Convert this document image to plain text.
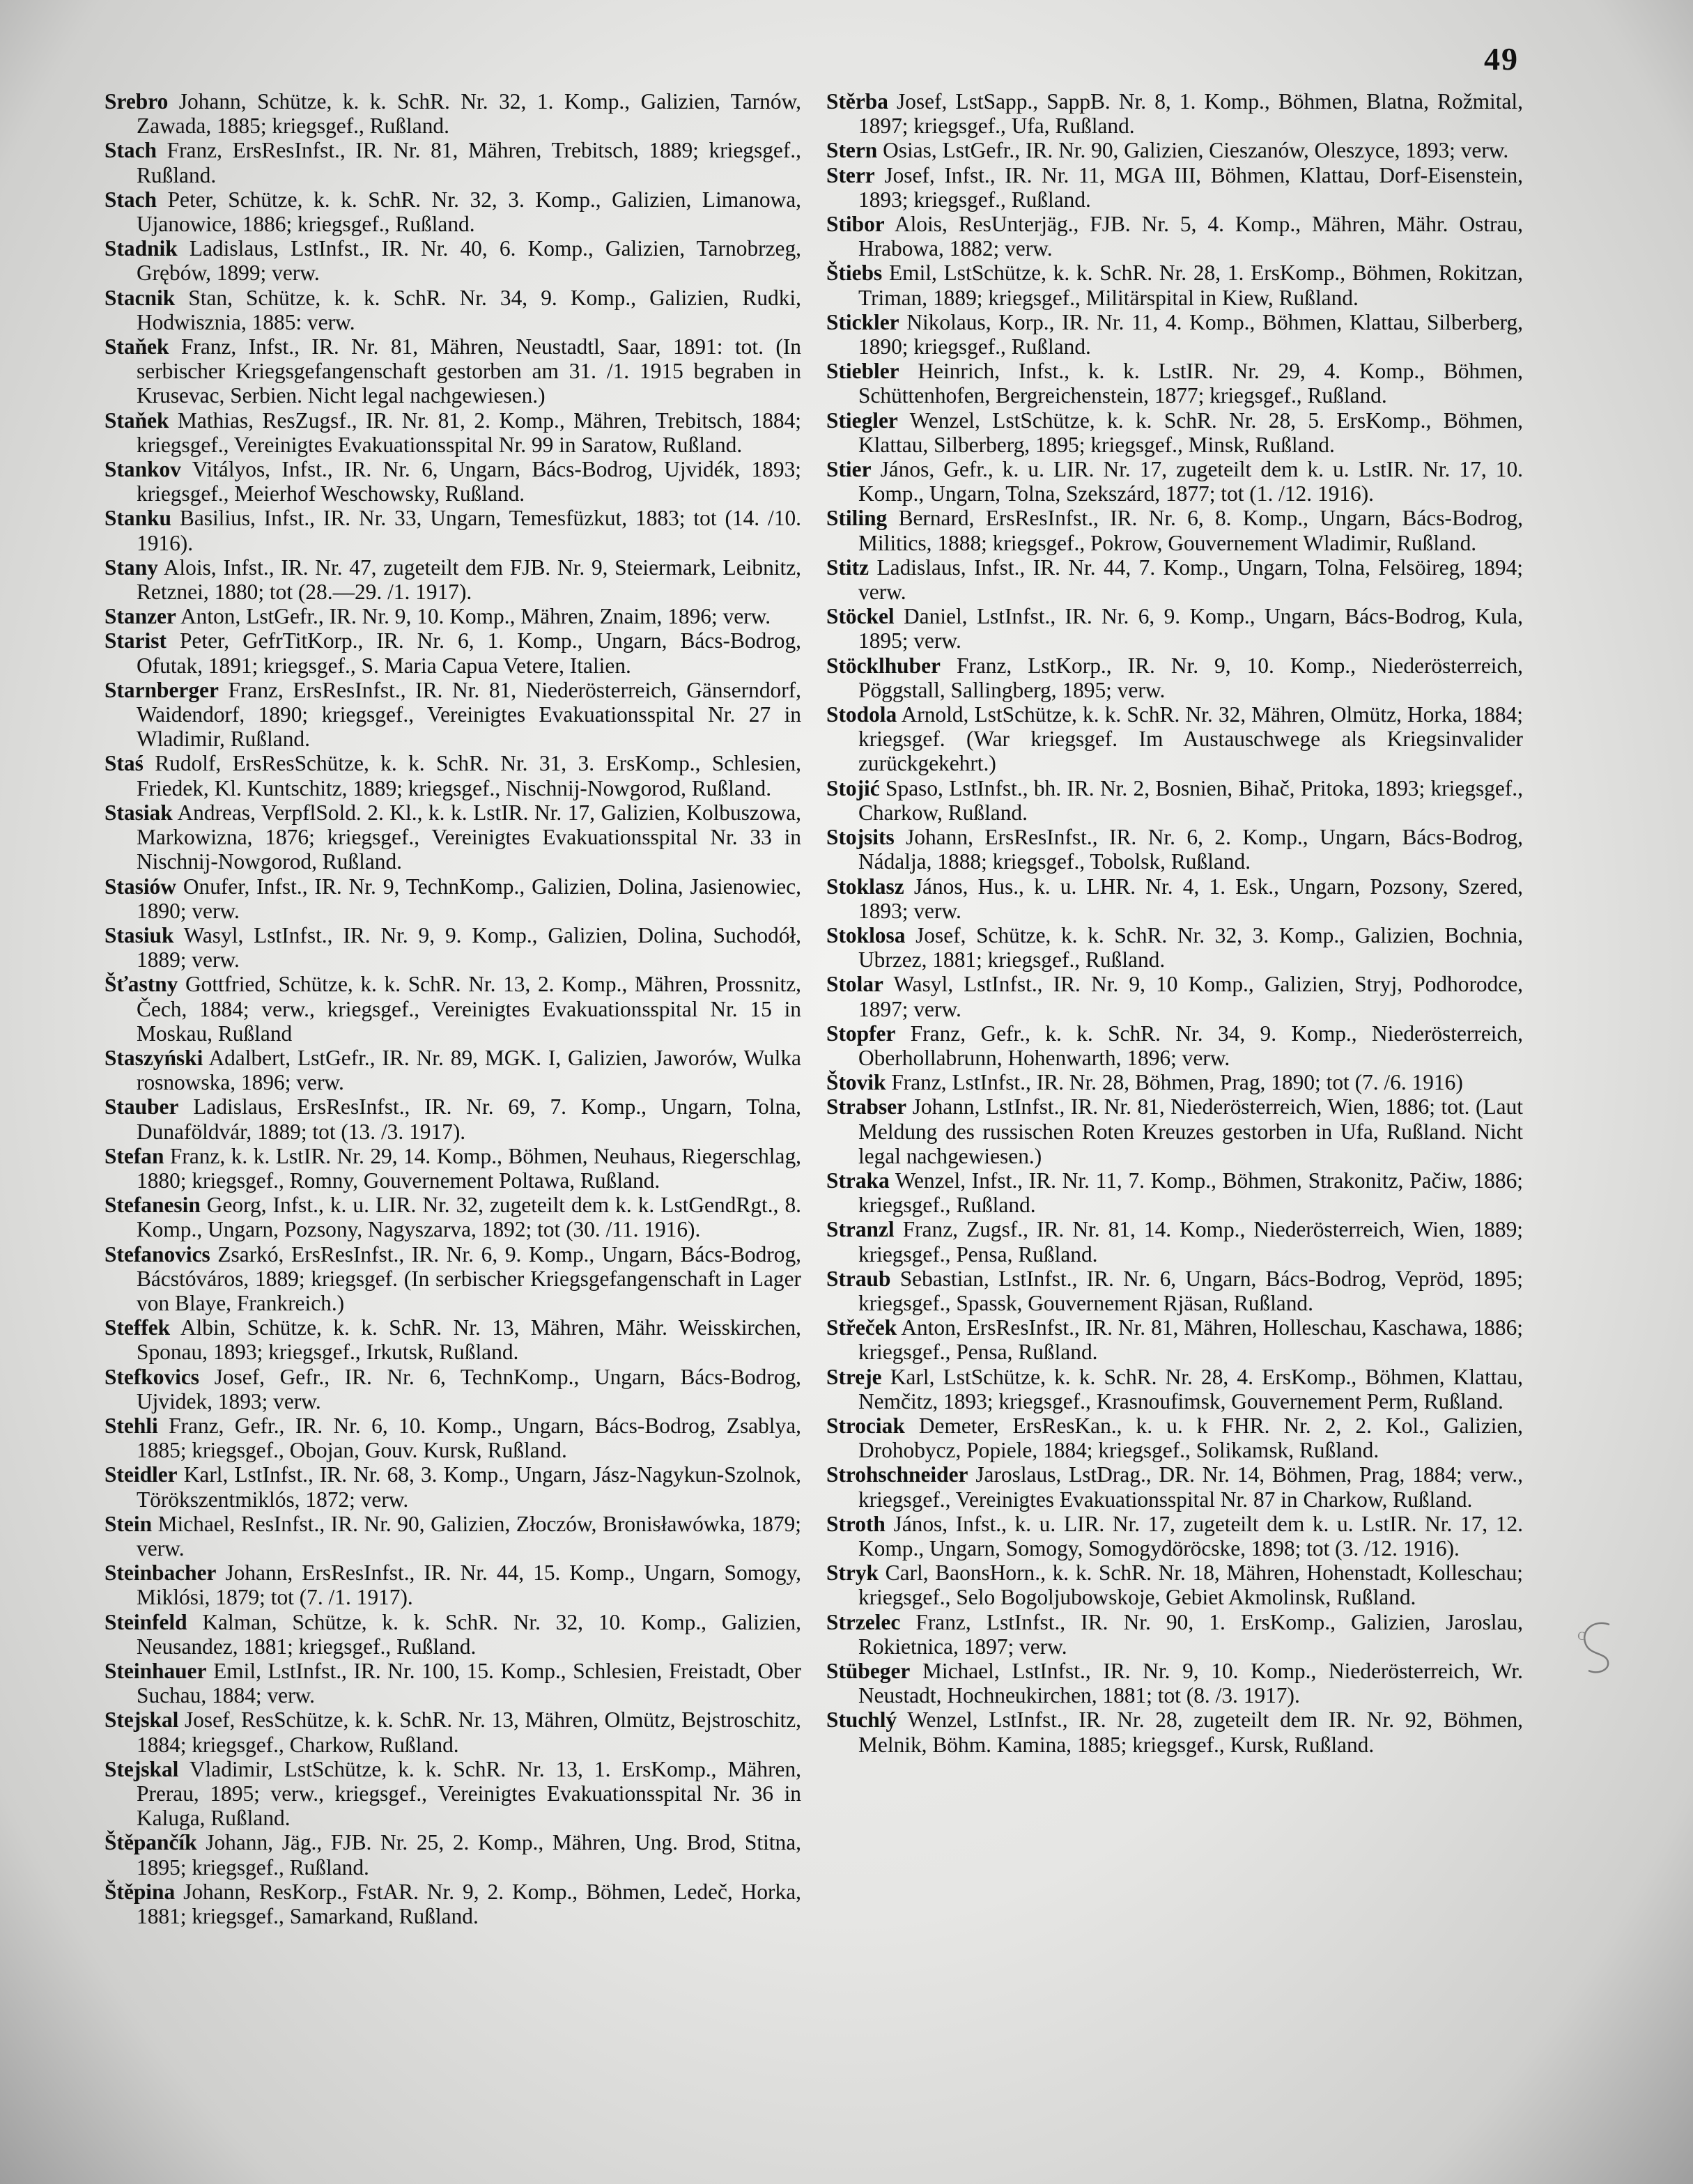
49

Srebro Johann, Schütze, k. k. SchR. Nr. 32, 1. Komp., Galizien, Tarnów, Zawada, 1885; kriegsgef., Rußland.

Stach Franz, ErsResInfst., IR. Nr. 81, Mähren, Trebitsch, 1889; kriegsgef., Rußland.

Stach Peter, Schütze, k. k. SchR. Nr. 32, 3. Komp., Galizien, Limanowa, Ujanowice, 1886; kriegsgef., Rußland.

Stadnik Ladislaus, LstInfst., IR. Nr. 40, 6. Komp., Galizien, Tarnobrzeg, Grębów, 1899; verw.

Stacnik Stan, Schütze, k. k. SchR. Nr. 34, 9. Komp., Galizien, Rudki, Hodwisznia, 1885: verw.

Staňek Franz, Infst., IR. Nr. 81, Mähren, Neustadtl, Saar, 1891: tot. (In serbischer Kriegsgefangenschaft gestorben am 31. /1. 1915 begraben in Krusevac, Serbien. Nicht legal nachgewiesen.)

Staňek Mathias, ResZugsf., IR. Nr. 81, 2. Komp., Mähren, Trebitsch, 1884; kriegsgef., Vereinigtes Evakuationsspital Nr. 99 in Saratow, Rußland.

Stankov Vitályos, Infst., IR. Nr. 6, Ungarn, Bács-Bodrog, Ujvidék, 1893; kriegsgef., Meierhof Weschowsky, Rußland.

Stanku Basilius, Infst., IR. Nr. 33, Ungarn, Temesfüzkut, 1883; tot (14. /10. 1916).

Stany Alois, Infst., IR. Nr. 47, zugeteilt dem FJB. Nr. 9, Steiermark, Leibnitz, Retznei, 1880; tot (28.—29. /1. 1917).

Stanzer Anton, LstGefr., IR. Nr. 9, 10. Komp., Mähren, Znaim, 1896; verw.

Starist Peter, GefrTitKorp., IR. Nr. 6, 1. Komp., Ungarn, Bács-Bodrog, Ofutak, 1891; kriegsgef., S. Maria Capua Vetere, Italien.

Starnberger Franz, ErsResInfst., IR. Nr. 81, Niederösterreich, Gänserndorf, Waidendorf, 1890; kriegsgef., Vereinigtes Evakuationsspital Nr. 27 in Wladimir, Rußland.

Staś Rudolf, ErsResSchütze, k. k. SchR. Nr. 31, 3. ErsKomp., Schlesien, Friedek, Kl. Kuntschitz, 1889; kriegsgef., Nischnij-Nowgorod, Rußland.

Stasiak Andreas, VerpflSold. 2. Kl., k. k. LstIR. Nr. 17, Galizien, Kolbuszowa, Markowizna, 1876; kriegsgef., Vereinigtes Evakuationsspital Nr. 33 in Nischnij-Nowgorod, Rußland.

Stasiów Onufer, Infst., IR. Nr. 9, TechnKomp., Galizien, Dolina, Jasienowiec, 1890; verw.

Stasiuk Wasyl, LstInfst., IR. Nr. 9, 9. Komp., Galizien, Dolina, Suchodół, 1889; verw.

Šťastny Gottfried, Schütze, k. k. SchR. Nr. 13, 2. Komp., Mähren, Prossnitz, Čech, 1884; verw., kriegsgef., Vereinigtes Evakuationsspital Nr. 15 in Moskau, Rußland

Staszyński Adalbert, LstGefr., IR. Nr. 89, MGK. I, Galizien, Jaworów, Wulka rosnowska, 1896; verw.

Stauber Ladislaus, ErsResInfst., IR. Nr. 69, 7. Komp., Ungarn, Tolna, Dunaföldvár, 1889; tot (13. /3. 1917).

Stefan Franz, k. k. LstIR. Nr. 29, 14. Komp., Böhmen, Neuhaus, Riegerschlag, 1880; kriegsgef., Romny, Gouvernement Poltawa, Rußland.

Stefanesin Georg, Infst., k. u. LIR. Nr. 32, zugeteilt dem k. k. LstGendRgt., 8. Komp., Ungarn, Pozsony, Nagyszarva, 1892; tot (30. /11. 1916).

Stefanovics Zsarkó, ErsResInfst., IR. Nr. 6, 9. Komp., Ungarn, Bács-Bodrog, Bácstóváros, 1889; kriegsgef. (In serbischer Kriegsgefangenschaft in Lager von Blaye, Frankreich.)

Steffek Albin, Schütze, k. k. SchR. Nr. 13, Mähren, Mähr. Weisskirchen, Sponau, 1893; kriegsgef., Irkutsk, Rußland.

Stefkovics Josef, Gefr., IR. Nr. 6, TechnKomp., Ungarn, Bács-Bodrog, Ujvidek, 1893; verw.

Stehli Franz, Gefr., IR. Nr. 6, 10. Komp., Ungarn, Bács-Bodrog, Zsablya, 1885; kriegsgef., Obojan, Gouv. Kursk, Rußland.

Steidler Karl, LstInfst., IR. Nr. 68, 3. Komp., Ungarn, Jász-Nagykun-Szolnok, Törökszentmiklós, 1872; verw.

Stein Michael, ResInfst., IR. Nr. 90, Galizien, Złoczów, Bronisławówka, 1879; verw.

Steinbacher Johann, ErsResInfst., IR. Nr. 44, 15. Komp., Ungarn, Somogy, Miklósi, 1879; tot (7. /1. 1917).

Steinfeld Kalman, Schütze, k. k. SchR. Nr. 32, 10. Komp., Galizien, Neusandez, 1881; kriegsgef., Rußland.

Steinhauer Emil, LstInfst., IR. Nr. 100, 15. Komp., Schlesien, Freistadt, Ober Suchau, 1884; verw.

Stejskal Josef, ResSchütze, k. k. SchR. Nr. 13, Mähren, Olmütz, Bejstroschitz, 1884; kriegsgef., Charkow, Rußland.

Stejskal Vladimir, LstSchütze, k. k. SchR. Nr. 13, 1. ErsKomp., Mähren, Prerau, 1895; verw., kriegsgef., Vereinigtes Evakuationsspital Nr. 36 in Kaluga, Rußland.

Štěpančík Johann, Jäg., FJB. Nr. 25, 2. Komp., Mähren, Ung. Brod, Stitna, 1895; kriegsgef., Rußland.

Štěpina Johann, ResKorp., FstAR. Nr. 9, 2. Komp., Böhmen, Ledeč, Horka, 1881; kriegsgef., Samarkand, Rußland.

Stěrba Josef, LstSapp., SappB. Nr. 8, 1. Komp., Böhmen, Blatna, Rožmital, 1897; kriegsgef., Ufa, Rußland.

Stern Osias, LstGefr., IR. Nr. 90, Galizien, Cieszanów, Oleszyce, 1893; verw.

Sterr Josef, Infst., IR. Nr. 11, MGA III, Böhmen, Klattau, Dorf-Eisenstein, 1893; kriegsgef., Rußland.

Stibor Alois, ResUnterjäg., FJB. Nr. 5, 4. Komp., Mähren, Mähr. Ostrau, Hrabowa, 1882; verw.

Štiebs Emil, LstSchütze, k. k. SchR. Nr. 28, 1. ErsKomp., Böhmen, Rokitzan, Triman, 1889; kriegsgef., Militärspital in Kiew, Rußland.

Stickler Nikolaus, Korp., IR. Nr. 11, 4. Komp., Böhmen, Klattau, Silberberg, 1890; kriegsgef., Rußland.

Stiebler Heinrich, Infst., k. k. LstIR. Nr. 29, 4. Komp., Böhmen, Schüttenhofen, Bergreichenstein, 1877; kriegsgef., Rußland.

Stiegler Wenzel, LstSchütze, k. k. SchR. Nr. 28, 5. ErsKomp., Böhmen, Klattau, Silberberg, 1895; kriegsgef., Minsk, Rußland.

Stier János, Gefr., k. u. LIR. Nr. 17, zugeteilt dem k. u. LstIR. Nr. 17, 10. Komp., Ungarn, Tolna, Szekszárd, 1877; tot (1. /12. 1916).

Stiling Bernard, ErsResInfst., IR. Nr. 6, 8. Komp., Ungarn, Bács-Bodrog, Militics, 1888; kriegsgef., Pokrow, Gouvernement Wladimir, Rußland.

Stitz Ladislaus, Infst., IR. Nr. 44, 7. Komp., Ungarn, Tolna, Felsöireg, 1894; verw.

Stöckel Daniel, LstInfst., IR. Nr. 6, 9. Komp., Ungarn, Bács-Bodrog, Kula, 1895; verw.

Stöcklhuber Franz, LstKorp., IR. Nr. 9, 10. Komp., Niederösterreich, Pöggstall, Sallingberg, 1895; verw.

Stodola Arnold, LstSchütze, k. k. SchR. Nr. 32, Mähren, Olmütz, Horka, 1884; kriegsgef. (War kriegsgef. Im Austauschwege als Kriegsinvalider zurückgekehrt.)

Stojić Spaso, LstInfst., bh. IR. Nr. 2, Bosnien, Bihač, Pritoka, 1893; kriegsgef., Charkow, Rußland.

Stojsits Johann, ErsResInfst., IR. Nr. 6, 2. Komp., Ungarn, Bács-Bodrog, Nádalja, 1888; kriegsgef., Tobolsk, Rußland.

Stoklasz János, Hus., k. u. LHR. Nr. 4, 1. Esk., Ungarn, Pozsony, Szered, 1893; verw.

Stoklosa Josef, Schütze, k. k. SchR. Nr. 32, 3. Komp., Galizien, Bochnia, Ubrzez, 1881; kriegsgef., Rußland.

Stolar Wasyl, LstInfst., IR. Nr. 9, 10 Komp., Galizien, Stryj, Podhorodce, 1897; verw.

Stopfer Franz, Gefr., k. k. SchR. Nr. 34, 9. Komp., Niederösterreich, Oberhollabrunn, Hohenwarth, 1896; verw.

Štovik Franz, LstInfst., IR. Nr. 28, Böhmen, Prag, 1890; tot (7. /6. 1916)

Strabser Johann, LstInfst., IR. Nr. 81, Niederösterreich, Wien, 1886; tot. (Laut Meldung des russischen Roten Kreuzes gestorben in Ufa, Rußland. Nicht legal nachgewiesen.)

Straka Wenzel, Infst., IR. Nr. 11, 7. Komp., Böhmen, Strakonitz, Pačiw, 1886; kriegsgef., Rußland.

Stranzl Franz, Zugsf., IR. Nr. 81, 14. Komp., Niederösterreich, Wien, 1889; kriegsgef., Pensa, Rußland.

Straub Sebastian, LstInfst., IR. Nr. 6, Ungarn, Bács-Bodrog, Vepröd, 1895; kriegsgef., Spassk, Gouvernement Rjäsan, Rußland.

Střeček Anton, ErsResInfst., IR. Nr. 81, Mähren, Holleschau, Kaschawa, 1886; kriegsgef., Pensa, Rußland.

Streje Karl, LstSchütze, k. k. SchR. Nr. 28, 4. ErsKomp., Böhmen, Klattau, Nemčitz, 1893; kriegsgef., Krasnoufimsk, Gouvernement Perm, Rußland.

Strociak Demeter, ErsResKan., k. u. k FHR. Nr. 2, 2. Kol., Galizien, Drohobycz, Popiele, 1884; kriegsgef., Solikamsk, Rußland.

Strohschneider Jaroslaus, LstDrag., DR. Nr. 14, Böhmen, Prag, 1884; verw., kriegsgef., Vereinigtes Evakuationsspital Nr. 87 in Charkow, Rußland.

Stroth János, Infst., k. u. LIR. Nr. 17, zugeteilt dem k. u. LstIR. Nr. 17, 12. Komp., Ungarn, Somogy, Somogydöröcske, 1898; tot (3. /12. 1916).

Stryk Carl, BaonsHorn., k. k. SchR. Nr. 18, Mähren, Hohenstadt, Kolleschau; kriegsgef., Selo Bogoljubowskoje, Gebiet Akmolinsk, Rußland.

Strzelec Franz, LstInfst., IR. Nr. 90, 1. ErsKomp., Galizien, Jaroslau, Rokietnica, 1897; verw.

Stübeger Michael, LstInfst., IR. Nr. 9, 10. Komp., Niederösterreich, Wr. Neustadt, Hochneukirchen, 1881; tot (8. /3. 1917).

Stuchlý Wenzel, LstInfst., IR. Nr. 28, zugeteilt dem IR. Nr. 92, Böhmen, Melnik, Böhm. Kamina, 1885; kriegsgef., Kursk, Rußland.

C
